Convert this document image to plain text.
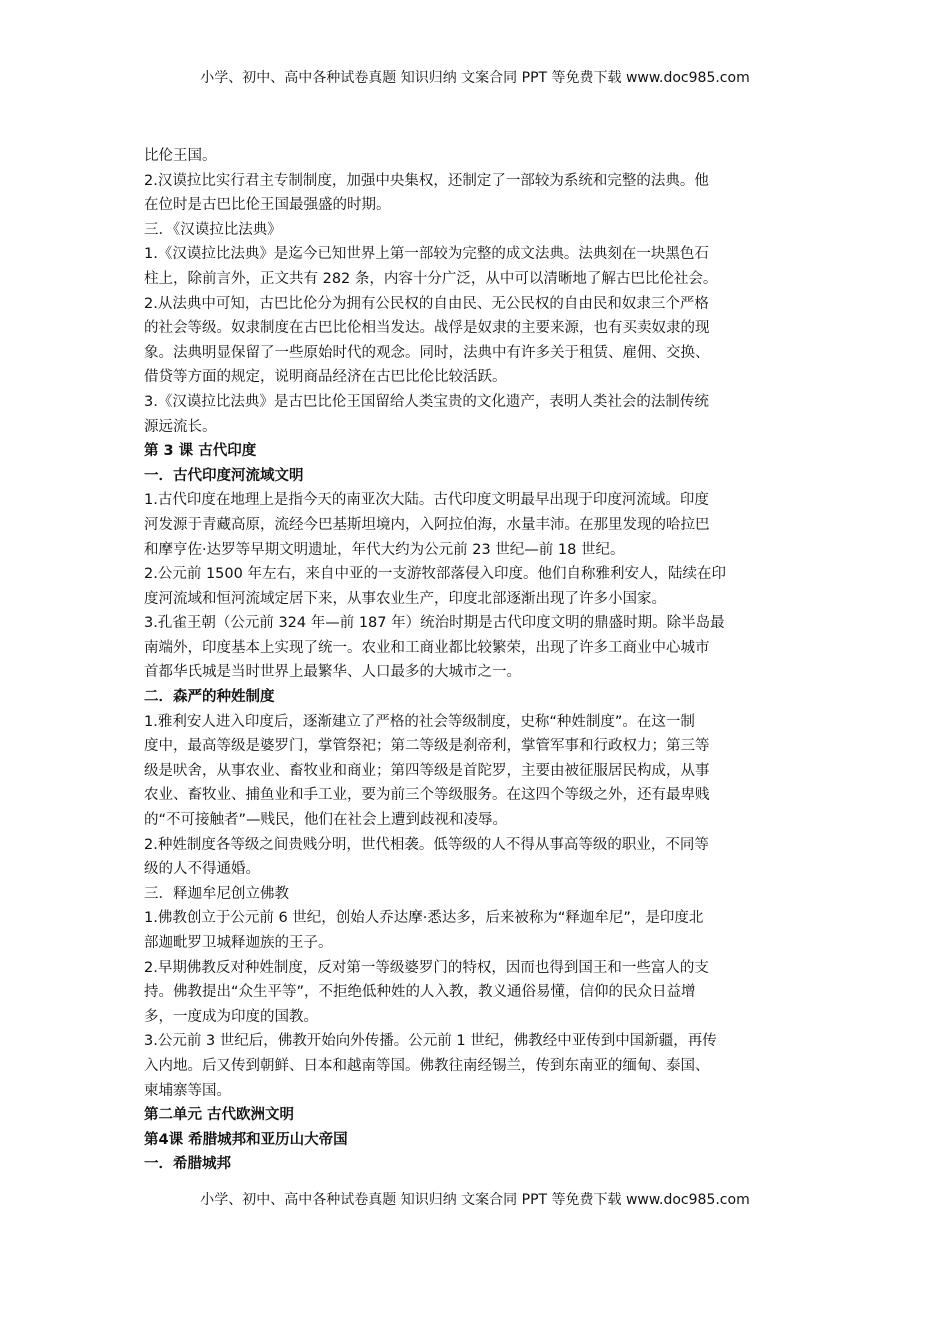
小学、初中、高中各种试卷真题 知识归纳 文案合同 PPT 等免费下载 www.doc985.com
比伦王国。
2.汉谟拉比实行君主专制制度，加强中央集权，还制定了一部较为系统和完整的法典。他
在位时是古巴比伦王国最强盛的时期。
三．《汉谟拉比法典》
1.《汉谟拉比法典》是迄今已知世界上第一部较为完整的成文法典。法典刻在一块黑色石
柱上，除前言外，正文共有 282 条，内容十分广泛，从中可以清晰地了解古巴比伦社会。
2.从法典中可知，古巴比伦分为拥有公民权的自由民、无公民权的自由民和奴隶三个严格
的社会等级。奴隶制度在古巴比伦相当发达。战俘是奴隶的主要来源，也有买卖奴隶的现
象。法典明显保留了一些原始时代的观念。同时，法典中有许多关于租赁、雇佣、交换、
借贷等方面的规定，说明商品经济在古巴比伦比较活跃。
3.《汉谟拉比法典》是古巴比伦王国留给人类宝贵的文化遗产，表明人类社会的法制传统
源远流长。
第 3 课 古代印度
一．古代印度河流域文明
1.古代印度在地理上是指今天的南亚次大陆。古代印度文明最早出现于印度河流域。印度
河发源于青藏高原，流经今巴基斯坦境内，入阿拉伯海，水量丰沛。在那里发现的哈拉巴
和摩亨佐·达罗等早期文明遗址，年代大约为公元前 23 世纪—前 18 世纪。
2.公元前 1500 年左右，来自中亚的一支游牧部落侵入印度。他们自称雅利安人，陆续在印
度河流域和恒河流域定居下来，从事农业生产，印度北部逐渐出现了许多小国家。
3.孔雀王朝（公元前 324 年—前 187 年）统治时期是古代印度文明的鼎盛时期。除半岛最
南端外，印度基本上实现了统一。农业和工商业都比较繁荣，出现了许多工商业中心城市
首都华氏城是当时世界上最繁华、人口最多的大城市之一。
二．森严的种姓制度
1.雅利安人进入印度后，逐渐建立了严格的社会等级制度，史称“种姓制度”。在这一制
度中，最高等级是婆罗门，掌管祭祀；第二等级是刹帝利，掌管军事和行政权力；第三等
级是吠舍，从事农业、畜牧业和商业；第四等级是首陀罗，主要由被征服居民构成，从事
农业、畜牧业、捕鱼业和手工业，要为前三个等级服务。在这四个等级之外，还有最卑贱
的“不可接触者”—贱民，他们在社会上遭到歧视和凌辱。
2.种姓制度各等级之间贵贱分明，世代相袭。低等级的人不得从事高等级的职业，不同等
级的人不得通婚。
三．释迦牟尼创立佛教
1.佛教创立于公元前 6 世纪，创始人乔达摩·悉达多，后来被称为“释迦牟尼”，是印度北
部迦毗罗卫城释迦族的王子。
2.早期佛教反对种姓制度，反对第一等级婆罗门的特权，因而也得到国王和一些富人的支
持。佛教提出“众生平等”，不拒绝低种姓的人入教，教义通俗易懂，信仰的民众日益增
多，一度成为印度的国教。
3.公元前 3 世纪后，佛教开始向外传播。公元前 1 世纪，佛教经中亚传到中国新疆，再传
入内地。后又传到朝鲜、日本和越南等国。佛教往南经锡兰，传到东南亚的缅甸、泰国、
柬埔寨等国。
第二单元 古代欧洲文明
第4课 希腊城邦和亚历山大帝国
一．希腊城邦
小学、初中、高中各种试卷真题 知识归纳 文案合同 PPT 等免费下载 www.doc985.com
